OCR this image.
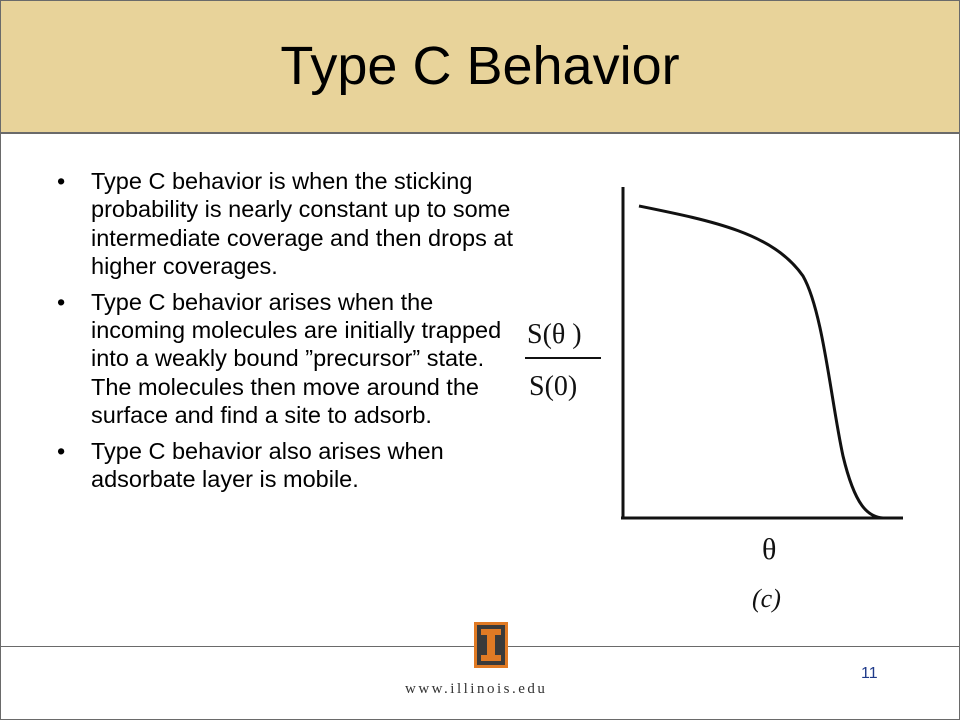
Type C Behavior
• Type C behavior is when the sticking probability is nearly constant up to some intermediate coverage and then drops at higher coverages.
• Type C behavior arises when the incoming molecules are initially trapped into a weakly bound ”precursor” state. The molecules then move around the surface and find a site to adsorb.
• Type C behavior also arises when adsorbate layer is mobile.
S(θ )
S(0)
θ
(c)
www.illinois.edu
11
